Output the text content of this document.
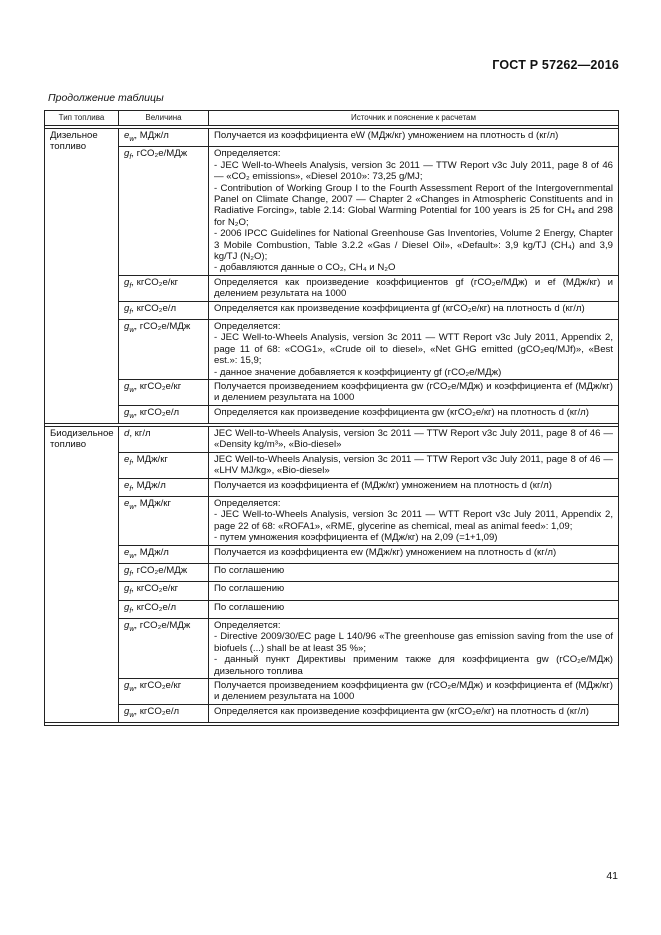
ГОСТ Р 57262—2016
Продолжение таблицы
Тип топлива	Величина	Источник и пояснение к расчетам

Дизельное топливо	$e_w$, МДж/л	Получается из коэффициента eW (МДж/кг) умножением на плотность d (кг/л)

	$g_f$, гCO₂е/МДж	Определяется:
- JEC Well-to-Wheels Analysis, version 3c 2011 — TTW Report v3c July 2011, page 8 of 46 — «CO₂ emissions», «Diesel 2010»: 73,25 g/MJ;
- Contribution of Working Group I to the Fourth Assessment Report of the Intergovernmental Panel on Climate Change, 2007 — Chapter 2 «Changes in Atmospheric Constituents and in Radiative Forcing», table 2.14: Global Warming Potential for 100 years is 25 for CH₄ and 298 for N₂O;
- 2006 IPCC Guidelines for National Greenhouse Gas Inventories, Volume 2 Energy, Chapter 3 Mobile Combustion, Table 3.2.2 «Gas / Diesel Oil», «Default»: 3,9 kg/TJ (CH₄) and 3,9 kg/TJ (N₂O);
- добавляются данные о CO₂, CH₄ и N₂O

	$g_f$, кгCO₂е/кг	Определяется как произведение коэффициентов gf (гCO₂е/МДж) и ef (МДж/кг) и делением результата на 1000

	$g_f$, кгCO₂е/л	Определяется как произведение коэффициента gf (кгCO₂е/кг) на плотность d (кг/л)

	$g_w$, гCO₂е/МДж	Определяется:
- JEC Well-to-Wheels Analysis, version 3c 2011 — WTT Report v3c July 2011, Appendix 2, page 11 of 68: «COG1», «Crude oil to diesel», «Net GHG emitted (gCO₂eq/MJf)», «Best est.»: 15,9;
- данное значение добавляется к коэффициенту gf (гCO₂е/МДж)

	$g_w$, кгCO₂е/кг	Получается произведением коэффициента gw (гCO₂е/МДж) и коэффициента ef (МДж/кг) и делением результата на 1000

	$g_w$, кгCO₂е/л	Определяется как произведение коэффициента gw (кгCO₂е/кг) на плотность d (кг/л)

Биодизельное топливо	d, кг/л	JEC Well-to-Wheels Analysis, version 3c 2011 — TTW Report v3c July 2011, page 8 of 46 — «Density kg/m³», «Bio-diesel»

	$e_f$, МДж/кг	JEC Well-to-Wheels Analysis, version 3c 2011 — TTW Report v3c July 2011, page 8 of 46 — «LHV MJ/kg», «Bio-diesel»

	$e_f$, МДж/л	Получается из коэффициента ef (МДж/кг) умножением на плотность d (кг/л)

	$e_w$, МДж/кг	Определяется:
- JEC Well-to-Wheels Analysis, version 3c 2011 — WTT Report v3c July 2011, Appendix 2, page 22 of 68: «ROFA1», «RME, glycerine as chemical, meal as animal feed»: 1,09;
- путем умножения коэффициента ef (МДж/кг) на 2,09 (=1+1,09)

	$e_w$, МДж/л	Получается из коэффициента ew (МДж/кг) умножением на плотность d (кг/л)

	$g_f$, гCO₂е/МДж	По соглашению

	$g_f$, кгCO₂е/кг	По соглашению

	$g_f$, кгCO₂е/л	По соглашению

	$g_w$, гCO₂е/МДж	Определяется:
- Directive 2009/30/EC page L 140/96 «The greenhouse gas emission saving from the use of biofuels (...) shall be at least 35 %»;
- данный пункт Директивы применим также для коэффициента gw (гCO₂е/МДж) дизельного топлива

	$g_w$, кгCO₂е/кг	Получается произведением коэффициента gw (гCO₂е/МДж) и коэффициента ef (МДж/кг) и делением результата на 1000

	$g_w$, кгCO₂е/л	Определяется как произведение коэффициента gw (кгCO₂е/кг) на плотность d (кг/л)

41
